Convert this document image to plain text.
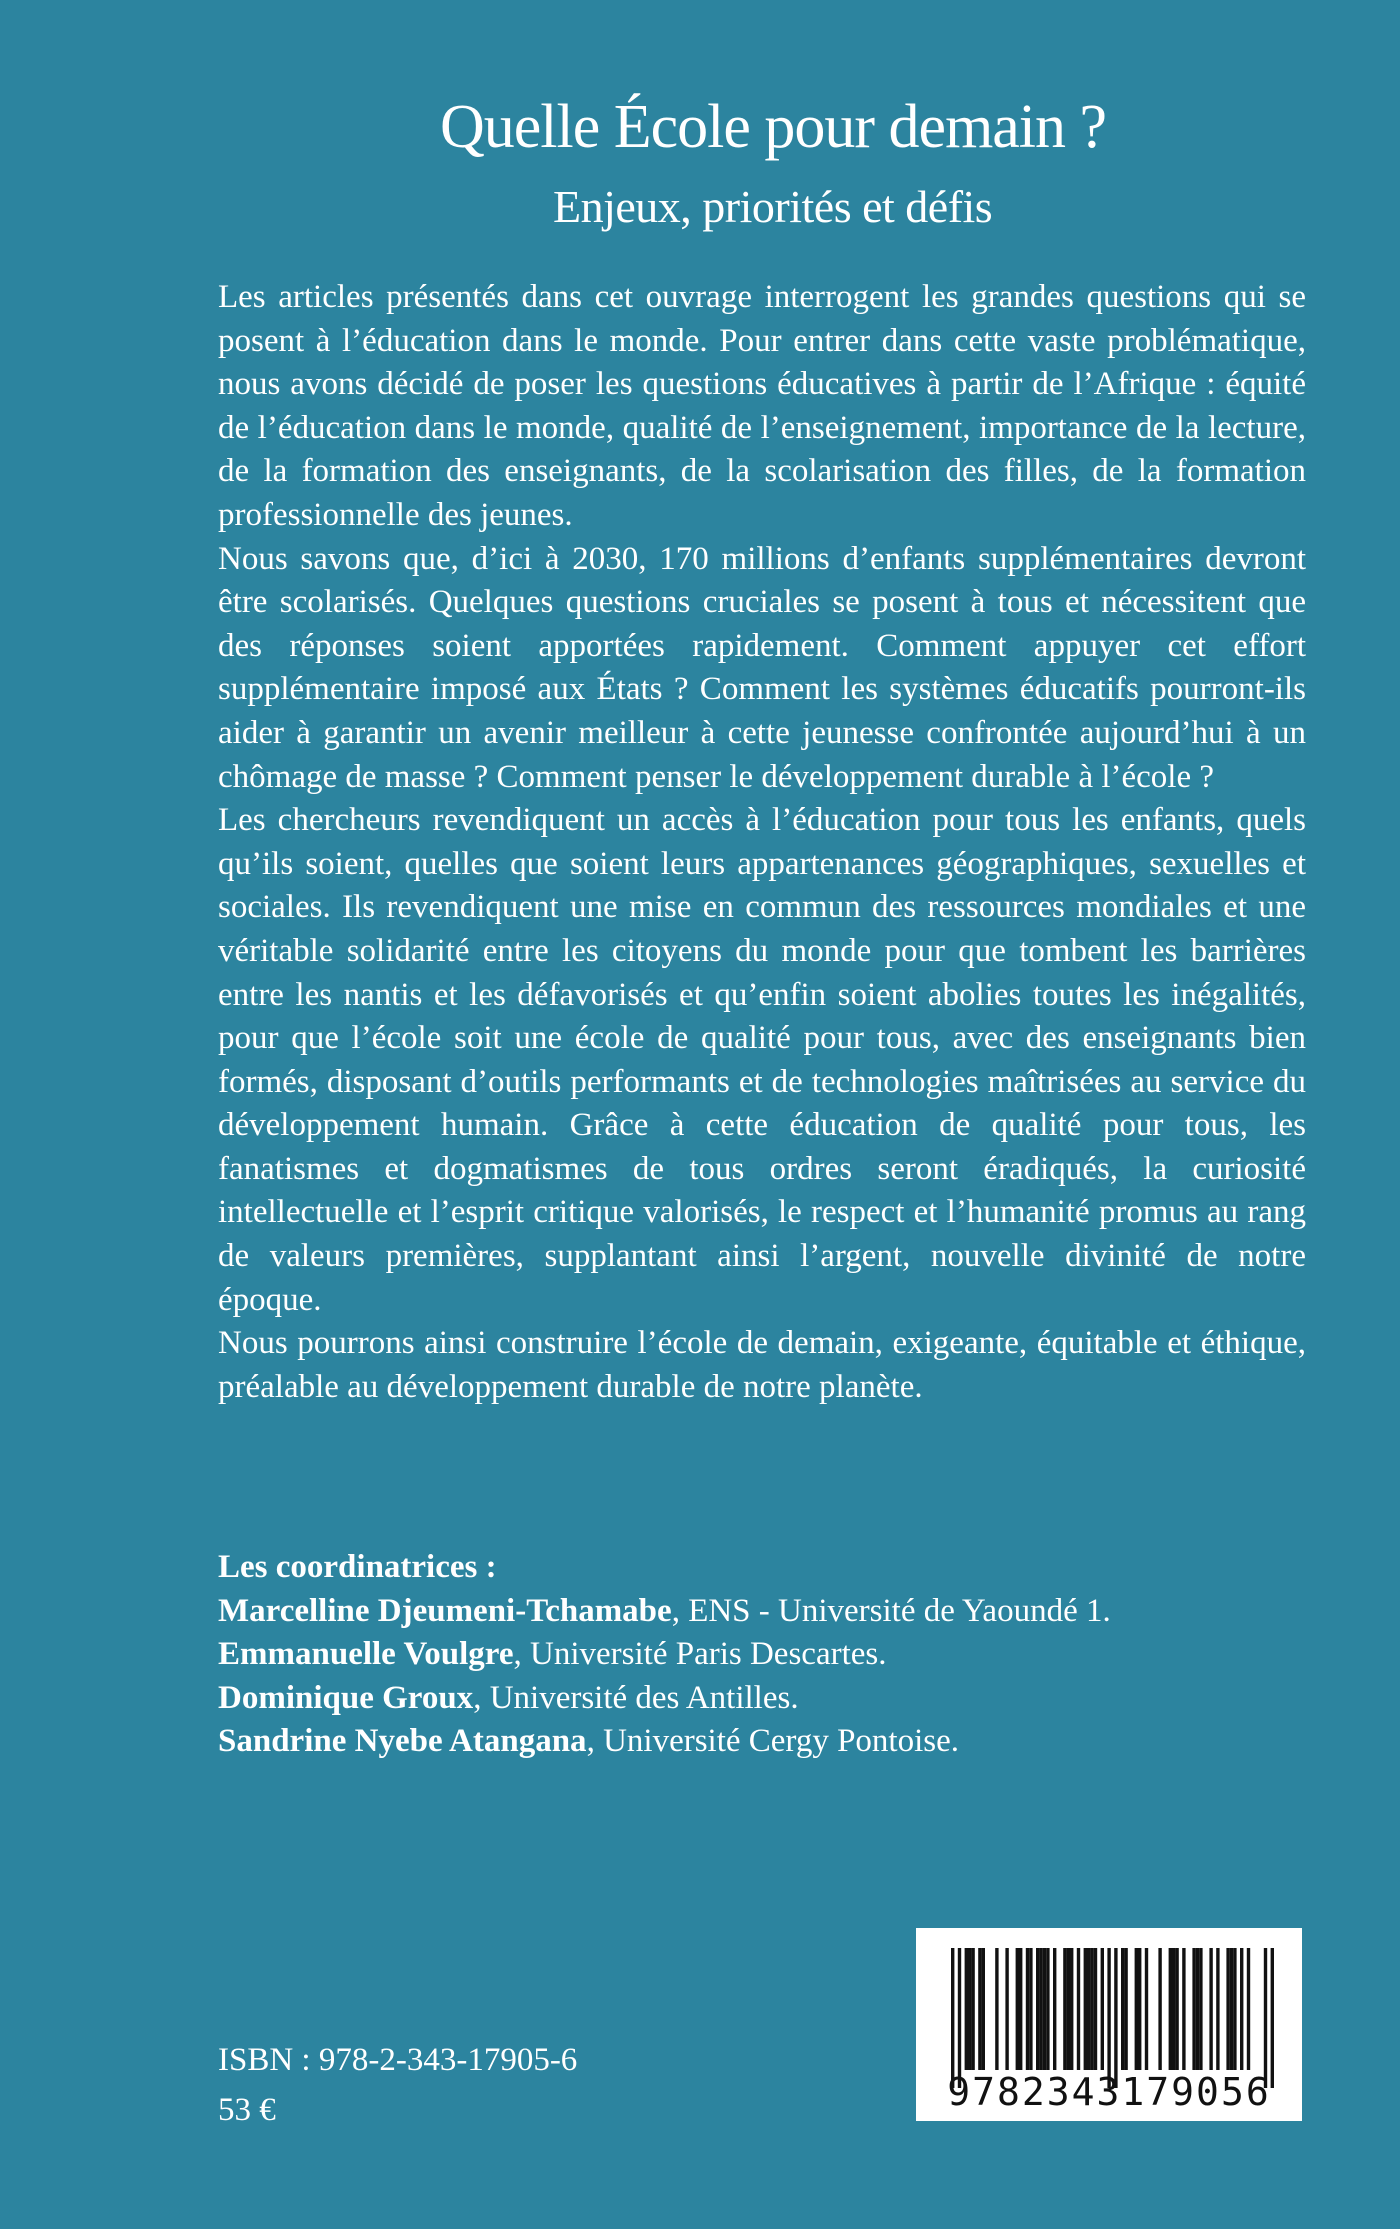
Quelle École pour demain ?
Enjeux, priorités et défis

Les articles présentés dans cet ouvrage interrogent les grandes questions qui se posent à l’éducation dans le monde. Pour entrer dans cette vaste problématique, nous avons décidé de poser les questions éducatives à partir de l’Afrique : équité de l’éducation dans le monde, qualité de l’enseignement, importance de la lecture, de la formation des enseignants, de la scolarisation des filles, de la formation professionnelle des jeunes.

Nous savons que, d’ici à 2030, 170 millions d’enfants supplémentaires devront être scolarisés. Quelques questions cruciales se posent à tous et nécessitent que des réponses soient apportées rapidement. Comment appuyer cet effort supplémentaire imposé aux États ? Comment les systèmes éducatifs pourront-ils aider à garantir un avenir meilleur à cette jeunesse confrontée aujourd’hui à un chômage de masse ? Comment penser le développement durable à l’école ?

Les chercheurs revendiquent un accès à l’éducation pour tous les enfants, quels qu’ils soient, quelles que soient leurs appartenances géographiques, sexuelles et sociales. Ils revendiquent une mise en commun des ressources mondiales et une véritable solidarité entre les citoyens du monde pour que tombent les barrières entre les nantis et les défavorisés et qu’enfin soient abolies toutes les inégalités, pour que l’école soit une école de qualité pour tous, avec des enseignants bien formés, disposant d’outils performants et de technologies maîtrisées au service du développement humain. Grâce à cette éducation de qualité pour tous, les fanatismes et dogmatismes de tous ordres seront éradiqués, la curiosité intellectuelle et l’esprit critique valorisés, le respect et l’humanité promus au rang de valeurs premières, supplantant ainsi l’argent, nouvelle divinité de notre époque.

Nous pourrons ainsi construire l’école de demain, exigeante, équitable et éthique, préalable au développement durable de notre planète.

Les coordinatrices :
Marcelline Djeumeni-Tchamabe, ENS - Université de Yaoundé 1.
Emmanuelle Voulgre, Université Paris Descartes.
Dominique Groux, Université des Antilles.
Sandrine Nyebe Atangana, Université Cergy Pontoise.
ISBN : 978-2-343-17905-6
53 €	9782343179056
